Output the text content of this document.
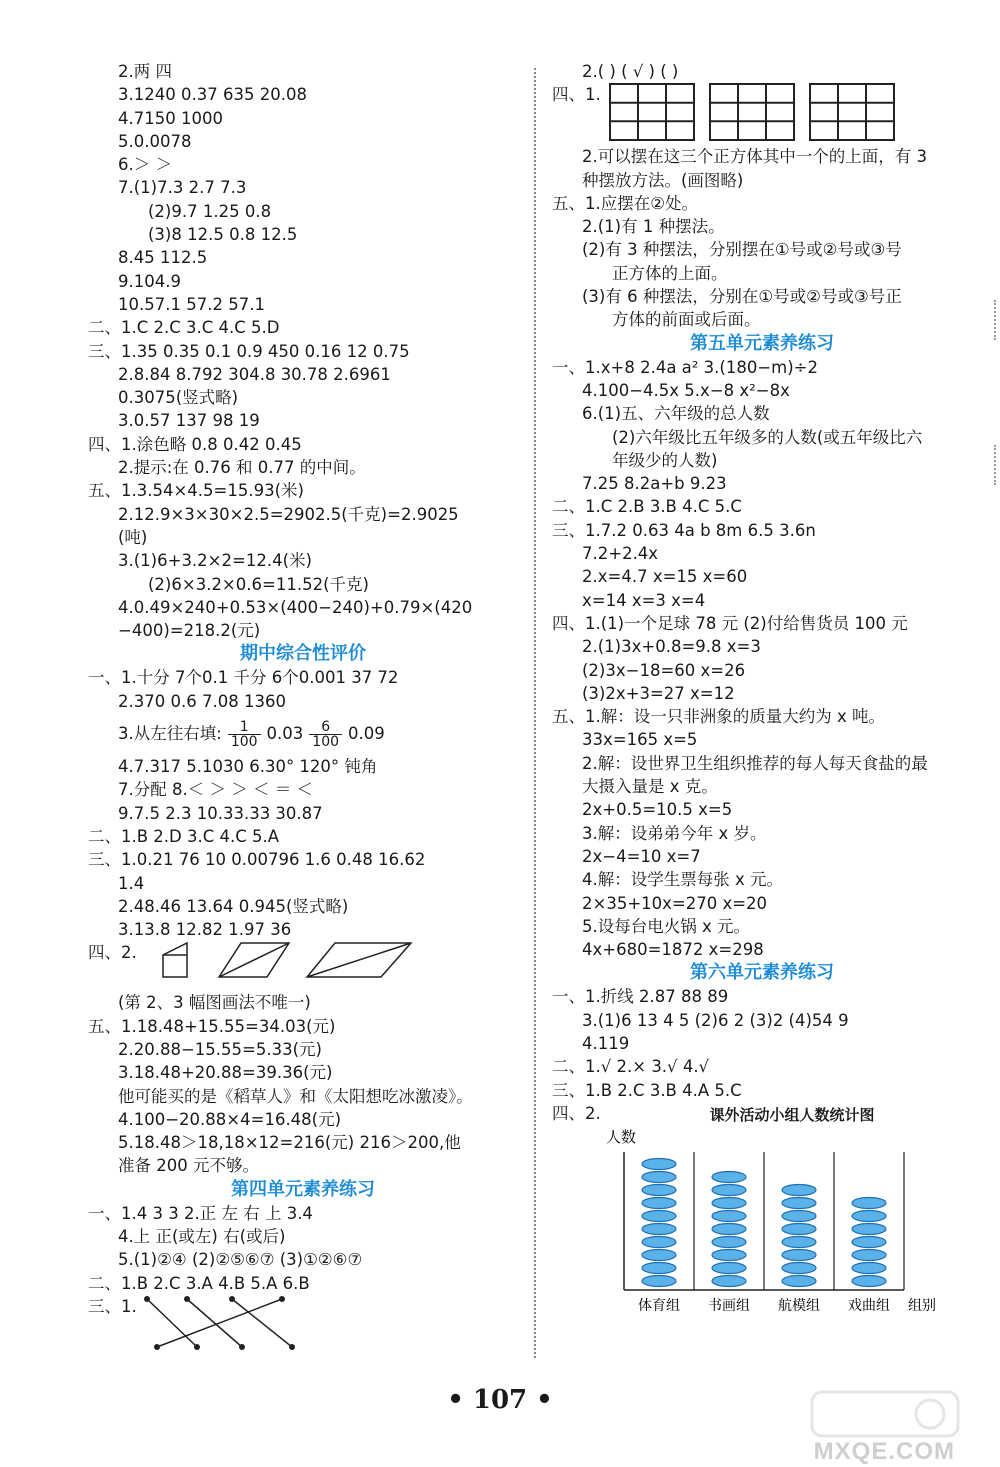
2.两 四
3.1240 0.37 635 20.08
4.7150 1000
5.0.0078
6.＞ ＞
7.(1)7.3 2.7 7.3
(2)9.7 1.25 0.8
(3)8 12.5 0.8 12.5
8.45 112.5
9.104.9
10.57.1 57.2 57.1
二、1.C 2.C 3.C 4.C 5.D
三、1.35 0.35 0.1 0.9 450 0.16 12 0.75
2.8.84 8.792 304.8 30.78 2.6961
0.3075(竖式略)
3.0.57 137 98 19
四、1.涂色略 0.8 0.42 0.45
2.提示:在 0.76 和 0.77 的中间。
五、1.3.54×4.5=15.93(米)
2.12.9×3×30×2.5=2902.5(千克)=2.9025
(吨)
3.(1)6+3.2×2=12.4(米)
(2)6×3.2×0.6=11.52(千克)
4.0.49×240+0.53×(400−240)+0.79×(420
−400)=218.2(元)
期中综合性评价
一、1.十分 7个0.1 千分 6个0.001 37 72
2.370 0.6 7.08 1360
3.从左往右填: $\frac{1}{100} 0.03 \frac{6}{100} 0.09$
4.7.317 5.1030 6.30° 120° 钝角
7.分配 8.＜ ＞ ＞ ＜ ＝ ＜
9.7.5 2.3 10.33.33 30.87
二、1.B 2.D 3.C 4.C 5.A
三、1.0.21 76 10 0.00796 1.6 0.48 16.62
1.4
2.48.46 13.64 0.945(竖式略)
3.13.8 12.82 1.97 36
四、2.
(第 2、3 幅图画法不唯一)
五、1.18.48+15.55=34.03(元)
2.20.88−15.55=5.33(元)
3.18.48+20.88=39.36(元)
他可能买的是《稻草人》和《太阳想吃冰激凌》。
4.100−20.88×4=16.48(元)
5.18.48＞18,18×12=216(元) 216＞200,他
准备 200 元不够。
第四单元素养练习
一、1.4 3 3 2.正 左 右 上 3.4
4.上 正(或左) 右(或后)
5.(1)②④ (2)②⑤⑥⑦ (3)①②⑥⑦
二、1.B 2.C 3.A 4.B 5.A 6.B
三、1.
2.( ) ( √ ) ( )
四、1.
2.可以摆在这三个正方体其中一个的上面，有 3
种摆放方法。(画图略)
五、1.应摆在②处。
2.(1)有 1 种摆法。
(2)有 3 种摆法，分别摆在①号或②号或③号
正方体的上面。
(3)有 6 种摆法，分别在①号或②号或③号正
方体的前面或后面。
第五单元素养练习
一、1.x+8 2.4a a² 3.(180−m)÷2
4.100−4.5x 5.x−8 x²−8x
6.(1)五、六年级的总人数
(2)六年级比五年级多的人数(或五年级比六
年级少的人数)
7.25 8.2a+b 9.23
二、1.C 2.B 3.B 4.C 5.C
三、1.7.2 0.63 4a b 8m 6.5 3.6n
7.2+2.4x
2.x=4.7 x=15 x=60
x=14 x=3 x=4
四、1.(1)一个足球 78 元 (2)付给售货员 100 元
2.(1)3x+0.8=9.8 x=3
(2)3x−18=60 x=26
(3)2x+3=27 x=12
五、1.解：设一只非洲象的质量大约为 x 吨。
33x=165 x=5
2.解：设世界卫生组织推荐的每人每天食盐的最
大摄入量是 x 克。
2x+0.5=10.5 x=5
3.解：设弟弟今年 x 岁。
2x−4=10 x=7
4.解：设学生票每张 x 元。
2×35+10x=270 x=20
5.设每台电火锅 x 元。
4x+680=1872 x=298
第六单元素养练习
一、1.折线 2.87 88 89
3.(1)6 13 4 5 (2)6 2 (3)2 (4)54 9
4.119
二、1.√ 2.× 3.√ 4.√
三、1.B 2.C 3.B 4.A 5.C
四、2.	课外活动小组人数统计图
人数
体育组 书画组 航模组 戏曲组 组别
• 107 •
MXQE.COM
